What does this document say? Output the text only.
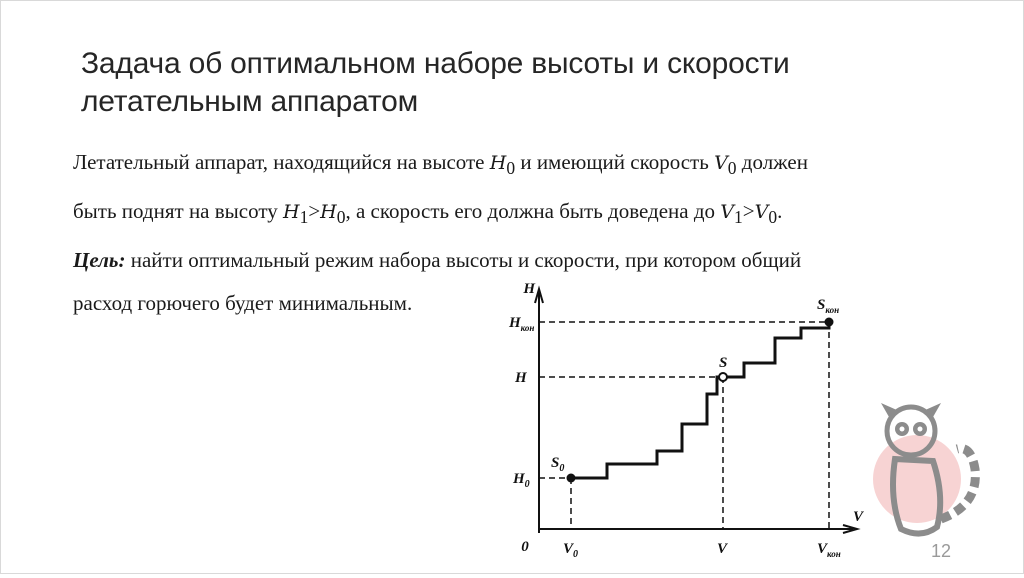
Задача об оптимальном наборе высоты и скорости
летательным аппаратом
Летательный аппарат, находящийся на высоте $H_0$ и имеющий скорость $V_0$ должен
быть поднят на высоту $H_1>H_0$, а скорость его должна быть доведена до $V_1>V_0$.
Цель: найти оптимальный режим набора высоты и скорости, при котором общий
расход горючего будет минимальным.
H
V
0
$H_{кон}$
H
$H_0$
$V_0$	V	$V_{кон}$
$S_0$
S
$S_{кон}$
12
